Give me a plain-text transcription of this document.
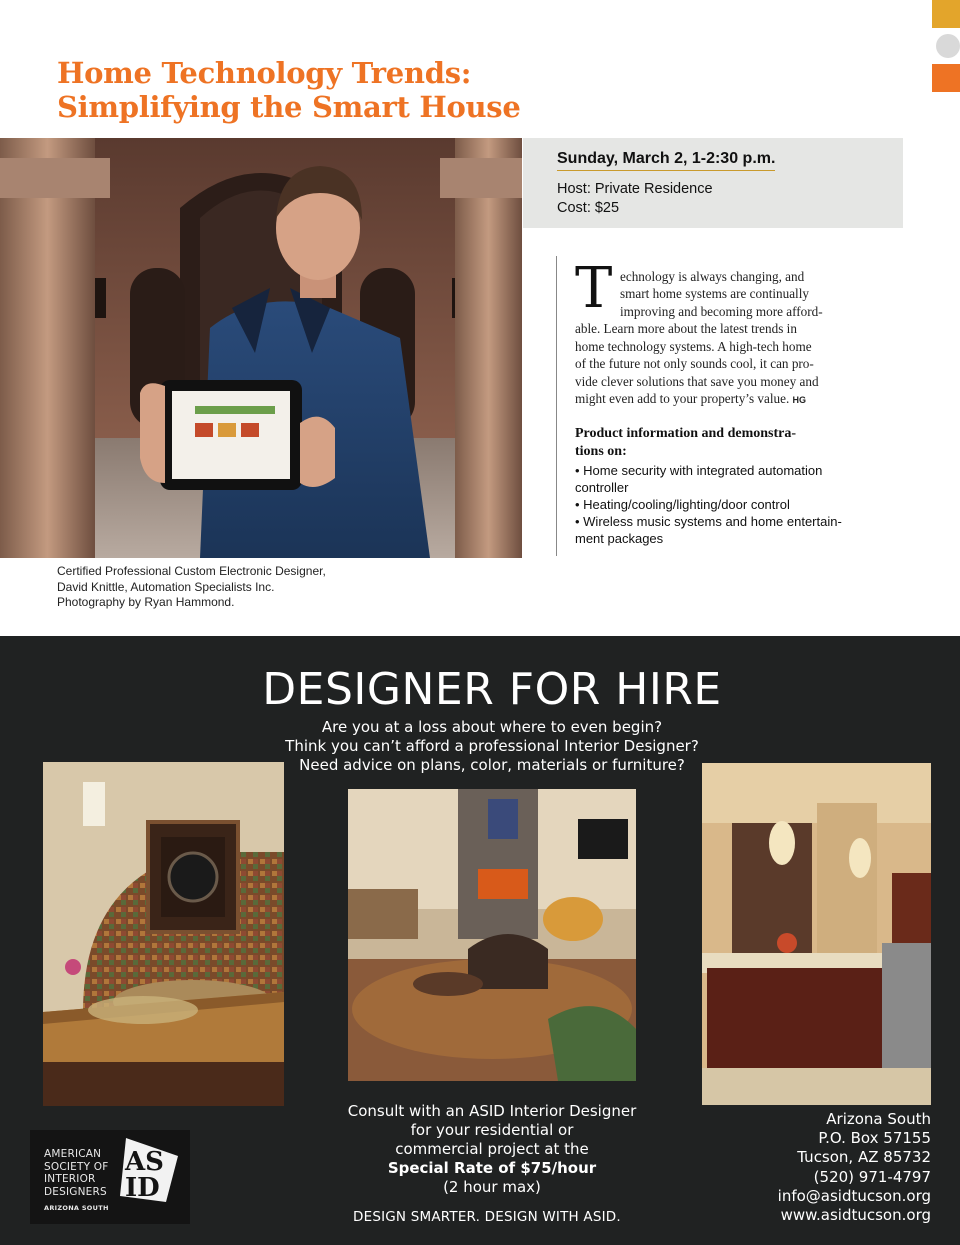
Home Technology Trends:
Simplifying the Smart House

Sunday, March 2, 1-2:30 p.m.

Host: Private Residence
Cost: $25
T echnology is always changing, and
smart home systems are continually
improving and becoming more afford-
able. Learn more about the latest trends in
home technology systems. A high-tech home
of the future not only sounds cool, it can pro-
vide clever solutions that save you money and
might even add to your property’s value. HG
Product information and demonstra-
tions on:
• Home security with integrated automation
controller
• Heating/cooling/lighting/door control
• Wireless music systems and home entertain-
ment packages
Certified Professional Custom Electronic Designer,
David Knittle, Automation Specialists Inc.
Photography by Ryan Hammond.
DESIGNER FOR HIRE
Are you at a loss about where to even begin?
Think you can’t afford a professional Interior Designer?
Need advice on plans, color, materials or furniture?
Consult with an ASID Interior Designer
for your residential or
commercial project at the
Special Rate of $75/hour
(2 hour max)
DESIGN SMARTER. DESIGN WITH ASID.
Arizona South
P.O. Box 57155
Tucson, AZ 85732
(520) 971-4797
info@asidtucson.org
www.asidtucson.org
AMERICAN
SOCIETY OF
INTERIOR
DESIGNERS
ARIZONA SOUTH
AS
ID
